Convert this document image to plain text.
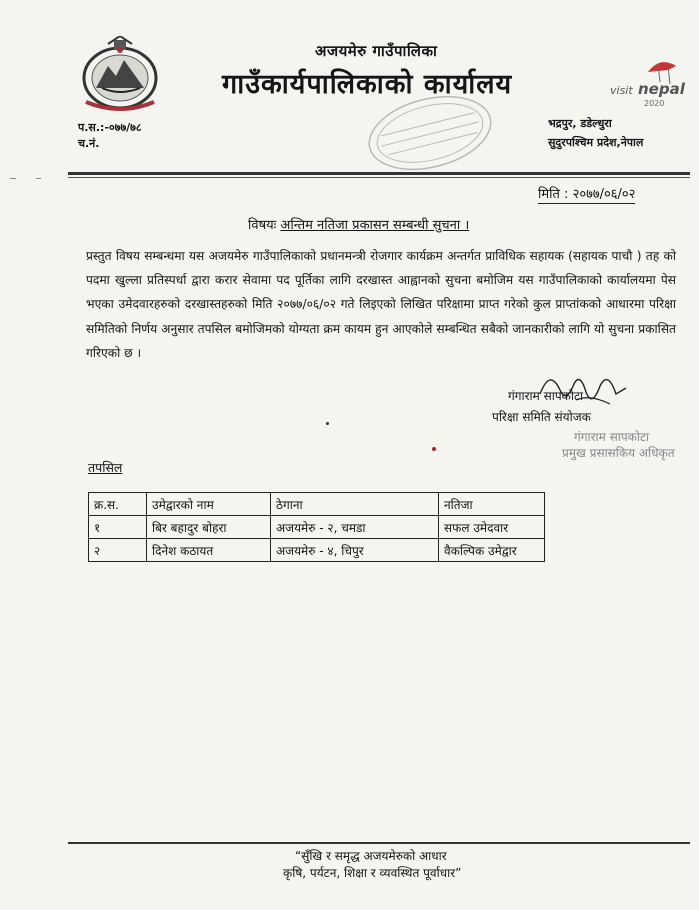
अजयमेरु गाउँपालिका
गाउँकार्यपालिकाको कार्यालय
प.स.:-०७७/७८
च.नं.
visit nepal
2020
भद्रपुर, डडेल्धुरा
सुदुरपश्चिम प्रदेश,नेपाल
मिति : २०७७/०६/०२
विषयः अन्तिम नतिजा प्रकासन सम्बन्धी सुचना ।
प्रस्तुत विषय सम्बन्धमा यस अजयमेरु गाउँपालिकाको प्रधानमन्त्री रोजगार कार्यक्रम अन्तर्गत प्राविधिक सहायक (सहायक पाचौ ) तह को पदमा खुल्ला प्रतिस्पर्धा द्वारा करार सेवामा पद पूर्तिका लागि दरखास्त आह्वानको सुचना बमोजिम यस गाउँपालिकाको कार्यालयमा पेस भएका उमेदवारहरुको दरखास्तहरुको मिति २०७७/०६/०२ गते लिइएको लिखित परिक्षामा प्राप्त गरेको कुल प्राप्तांकको आधारमा परिक्षा समितिको निर्णय अनुसार तपसिल बमोजिमको योग्यता क्रम कायम हुन आएकोले सम्बन्धित सबैको जानकारीको लागि यो सुचना प्रकासित गरिएको छ ।
गंगाराम सापकोटा
परिक्षा समिति संयोजक
गंगाराम सापकोटा
प्रमुख प्रसासकिय अधिकृत
तपसिल
क्र.स.	उमेद्वारको नाम	ठेगाना	नतिजा
१	बिर बहादुर बोहरा	अजयमेरु - २, चमडा	सफल उमेदवार
२	दिनेश कठायत	अजयमेरु - ४, चिपुर	वैकल्पिक उमेद्वार
“सुँखि र समृद्ध अजयमेरुको आधार
कृषि, पर्यटन, शिक्षा र व्यवस्थित पूर्वाधार”
